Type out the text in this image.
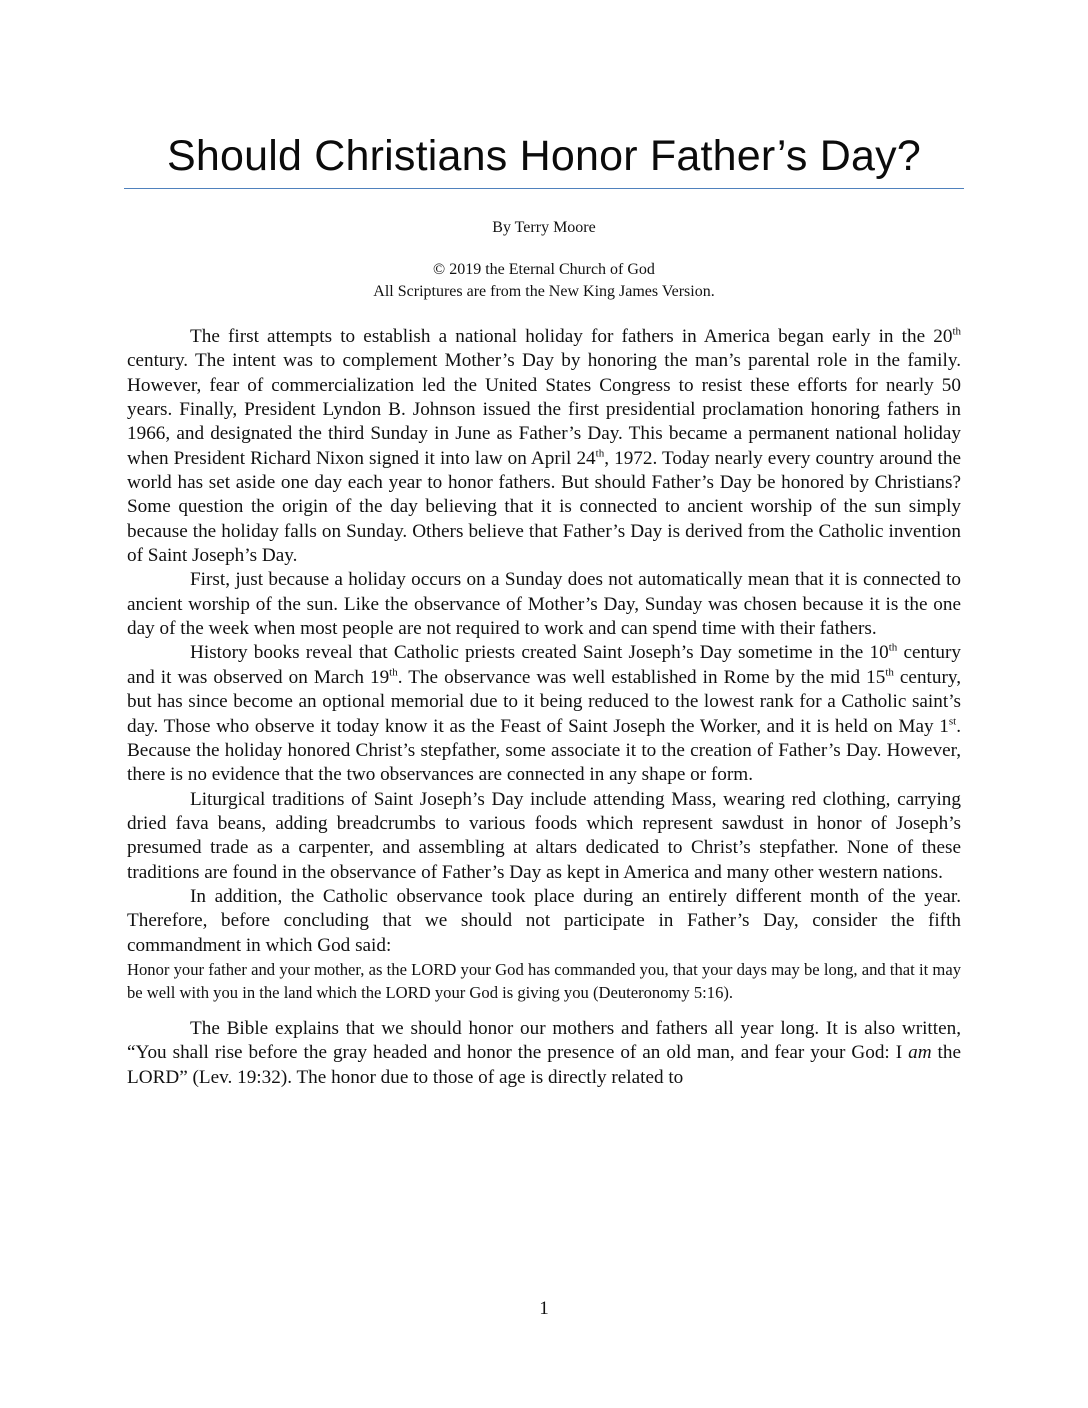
Should Christians Honor Father’s Day?
By Terry Moore
© 2019 the Eternal Church of God
All Scriptures are from the New King James Version.

The first attempts to establish a national holiday for fathers in America began early in the 20th century. The intent was to complement Mother’s Day by honoring the man’s parental role in the family. However, fear of commercialization led the United States Congress to resist these efforts for nearly 50 years. Finally, President Lyndon B. Johnson issued the first presidential proclamation honoring fathers in 1966, and designated the third Sunday in June as Father’s Day. This became a permanent national holiday when President Richard Nixon signed it into law on April 24th, 1972. Today nearly every country around the world has set aside one day each year to honor fathers. But should Father’s Day be honored by Christians? Some question the origin of the day believing that it is connected to ancient worship of the sun simply because the holiday falls on Sunday. Others believe that Father’s Day is derived from the Catholic invention of Saint Joseph’s Day.

First, just because a holiday occurs on a Sunday does not automatically mean that it is connected to ancient worship of the sun. Like the observance of Mother’s Day, Sunday was chosen because it is the one day of the week when most people are not required to work and can spend time with their fathers.

History books reveal that Catholic priests created Saint Joseph’s Day sometime in the 10th century and it was observed on March 19th. The observance was well established in Rome by the mid 15th century, but has since become an optional memorial due to it being reduced to the lowest rank for a Catholic saint’s day. Those who observe it today know it as the Feast of Saint Joseph the Worker, and it is held on May 1st. Because the holiday honored Christ’s stepfather, some associate it to the creation of Father’s Day. However, there is no evidence that the two observances are connected in any shape or form.

Liturgical traditions of Saint Joseph’s Day include attending Mass, wearing red clothing, carrying dried fava beans, adding breadcrumbs to various foods which represent sawdust in honor of Joseph’s presumed trade as a carpenter, and assembling at altars dedicated to Christ’s stepfather. None of these traditions are found in the observance of Father’s Day as kept in America and many other western nations.

In addition, the Catholic observance took place during an entirely different month of the year. Therefore, before concluding that we should not participate in Father’s Day, consider the fifth commandment in which God said:

Honor your father and your mother, as the LORD your God has commanded you, that your days may be long, and that it may be well with you in the land which the LORD your God is giving you (Deuteronomy 5:16).

The Bible explains that we should honor our mothers and fathers all year long. It is also written, “You shall rise before the gray headed and honor the presence of an old man, and fear your God: I am the LORD” (Lev. 19:32). The honor due to those of age is directly related to

1
